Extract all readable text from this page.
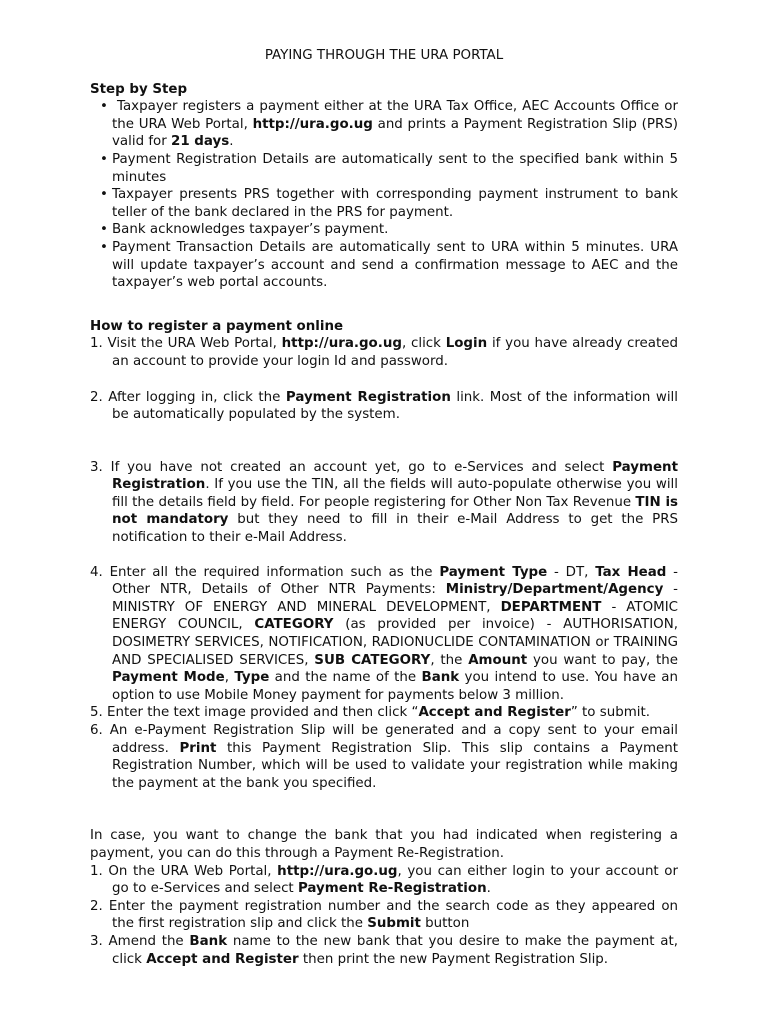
PAYING THROUGH THE URA PORTAL
Step by Step
• Taxpayer registers a payment either at the URA Tax Office, AEC Accounts Office or the URA Web Portal, http://ura.go.ug and prints a Payment Registration Slip (PRS) valid for 21 days.
• Payment Registration Details are automatically sent to the specified bank within 5 minutes
• Taxpayer presents PRS together with corresponding payment instrument to bank teller of the bank declared in the PRS for payment.
• Bank acknowledges taxpayer’s payment.
• Payment Transaction Details are automatically sent to URA within 5 minutes. URA will update taxpayer’s account and send a confirmation message to AEC and the taxpayer’s web portal accounts.
How to register a payment online
1. Visit the URA Web Portal, http://ura.go.ug, click Login if you have already created an account to provide your login Id and password.
2. After logging in, click the Payment Registration link. Most of the information will be automatically populated by the system.
3. If you have not created an account yet, go to e-Services and select Payment Registration. If you use the TIN, all the fields will auto-populate otherwise you will fill the details field by field. For people registering for Other Non Tax Revenue TIN is not mandatory but they need to fill in their e-Mail Address to get the PRS notification to their e-Mail Address.
4. Enter all the required information such as the Payment Type - DT, Tax Head - Other NTR, Details of Other NTR Payments: Ministry/Department/Agency - MINISTRY OF ENERGY AND MINERAL DEVELOPMENT, DEPARTMENT - ATOMIC ENERGY COUNCIL, CATEGORY (as provided per invoice) - AUTHORISATION, DOSIMETRY SERVICES, NOTIFICATION, RADIONUCLIDE CONTAMINATION or TRAINING AND SPECIALISED SERVICES, SUB CATEGORY, the Amount you want to pay, the Payment Mode, Type and the name of the Bank you intend to use. You have an option to use Mobile Money payment for payments below 3 million.
5. Enter the text image provided and then click “Accept and Register” to submit.
6. An e-Payment Registration Slip will be generated and a copy sent to your email address. Print this Payment Registration Slip. This slip contains a Payment Registration Number, which will be used to validate your registration while making the payment at the bank you specified.
In case, you want to change the bank that you had indicated when registering a payment, you can do this through a Payment Re-Registration.
1. On the URA Web Portal, http://ura.go.ug, you can either login to your account or go to e-Services and select Payment Re-Registration.
2. Enter the payment registration number and the search code as they appeared on the first registration slip and click the Submit button
3. Amend the Bank name to the new bank that you desire to make the payment at, click Accept and Register then print the new Payment Registration Slip.
